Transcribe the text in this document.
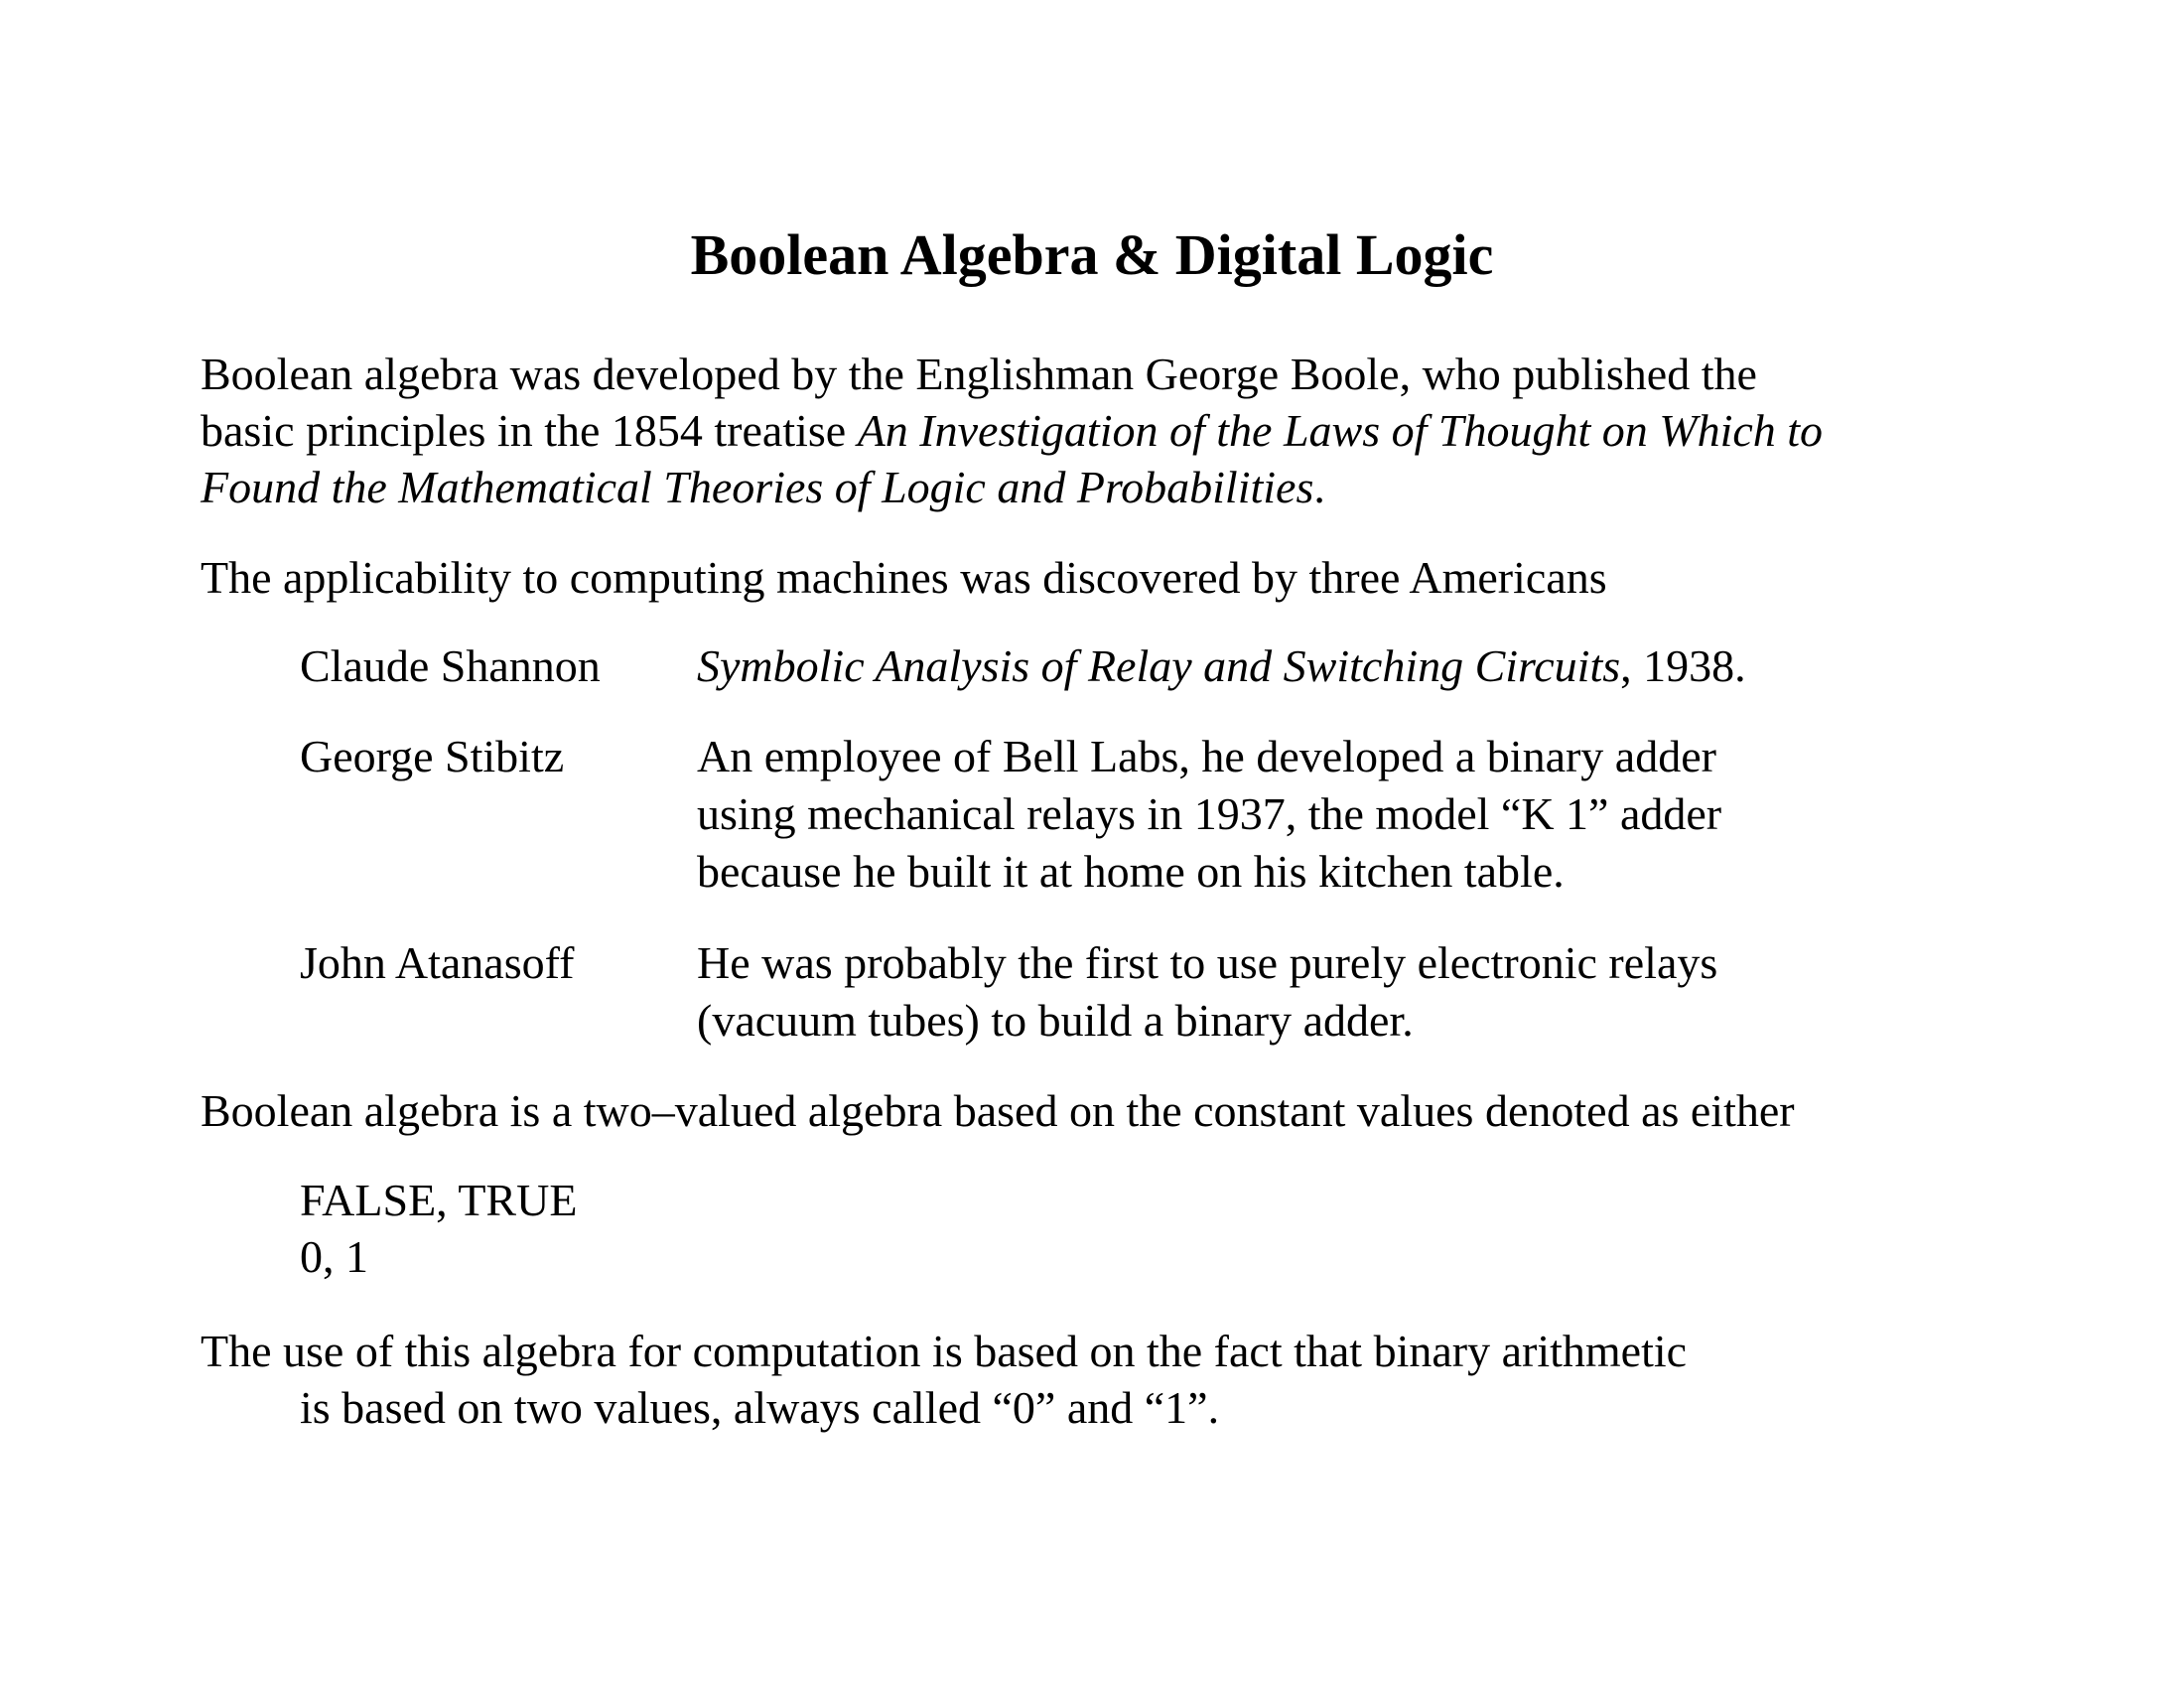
Boolean Algebra & Digital Logic
Boolean algebra was developed by the Englishman George Boole, who published the
basic principles in the 1854 treatise An Investigation of the Laws of Thought on Which to
Found the Mathematical Theories of Logic and Probabilities.
The applicability to computing machines was discovered by three Americans
Claude Shannon Symbolic Analysis of Relay and Switching Circuits, 1938.
George Stibitz	An employee of Bell Labs, he developed a binary adder
using mechanical relays in 1937, the model “K 1” adder
because he built it at home on his kitchen table.
John Atanasoff	He was probably the first to use purely electronic relays
(vacuum tubes) to build a binary adder.
Boolean algebra is a two–valued algebra based on the constant values denoted as either
FALSE, TRUE
0, 1
The use of this algebra for computation is based on the fact that binary arithmetic
is based on two values, always called “0” and “1”.
